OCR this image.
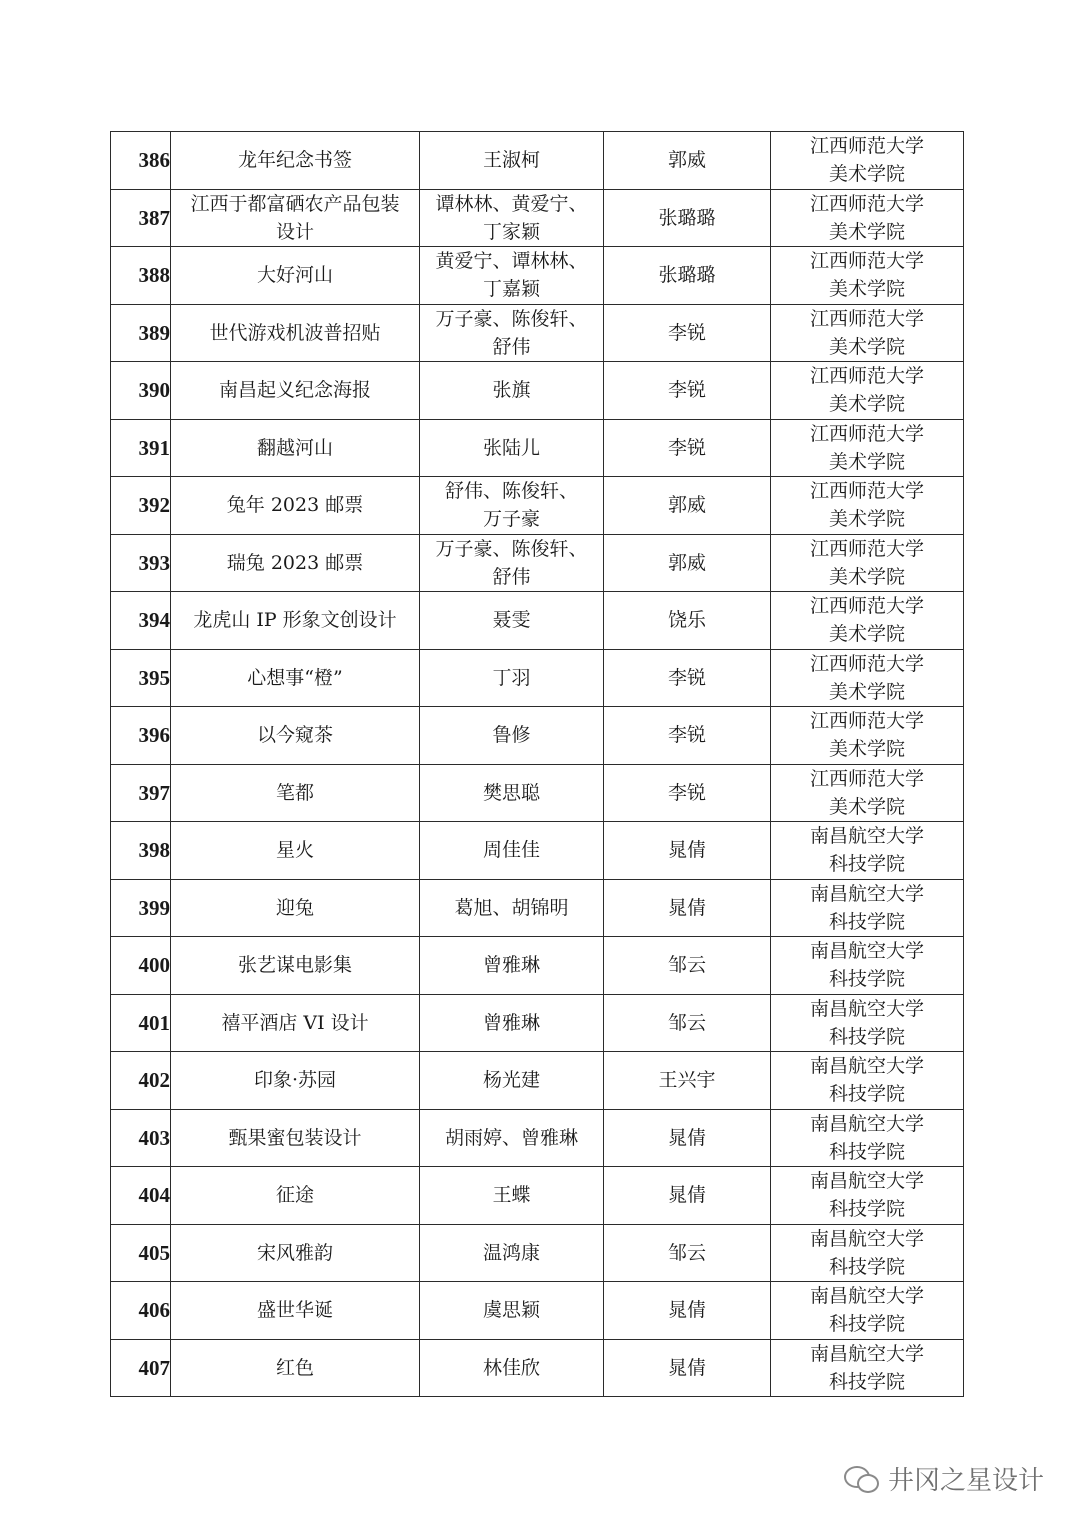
386	龙年纪念书签	王淑柯	郭威	江西师范大学
美术学院
387	江西于都富硒农产品包装
设计	谭林林、黄爱宁、
丁家颖	张璐璐	江西师范大学
美术学院
388	大好河山	黄爱宁、谭林林、
丁嘉颖	张璐璐	江西师范大学
美术学院
389	世代游戏机波普招贴	万子豪、陈俊轩、
舒伟	李锐	江西师范大学
美术学院
390	南昌起义纪念海报	张旗	李锐	江西师范大学
美术学院
391	翻越河山	张陆儿	李锐	江西师范大学
美术学院
392	兔年 2023 邮票	舒伟、陈俊轩、
万子豪	郭威	江西师范大学
美术学院
393	瑞兔 2023 邮票	万子豪、陈俊轩、
舒伟	郭威	江西师范大学
美术学院
394	龙虎山 IP 形象文创设计	聂雯	饶乐	江西师范大学
美术学院
395	心想事“橙”	丁羽	李锐	江西师范大学
美术学院
396	以今窥茶	鲁修	李锐	江西师范大学
美术学院
397	笔都	樊思聪	李锐	江西师范大学
美术学院
398	星火	周佳佳	晁倩	南昌航空大学
科技学院
399	迎兔	葛旭、胡锦明	晁倩	南昌航空大学
科技学院
400	张艺谋电影集	曾雅琳	邹云	南昌航空大学
科技学院
401	禧平酒店 VI 设计	曾雅琳	邹云	南昌航空大学
科技学院
402	印象·苏园	杨光建	王兴宇	南昌航空大学
科技学院
403	甄果蜜包装设计	胡雨婷、曾雅琳	晁倩	南昌航空大学
科技学院
404	征途	王蝶	晁倩	南昌航空大学
科技学院
405	宋风雅韵	温鸿康	邹云	南昌航空大学
科技学院
406	盛世华诞	虞思颖	晁倩	南昌航空大学
科技学院
407	红色	林佳欣	晁倩	南昌航空大学
科技学院
井冈之星设计
